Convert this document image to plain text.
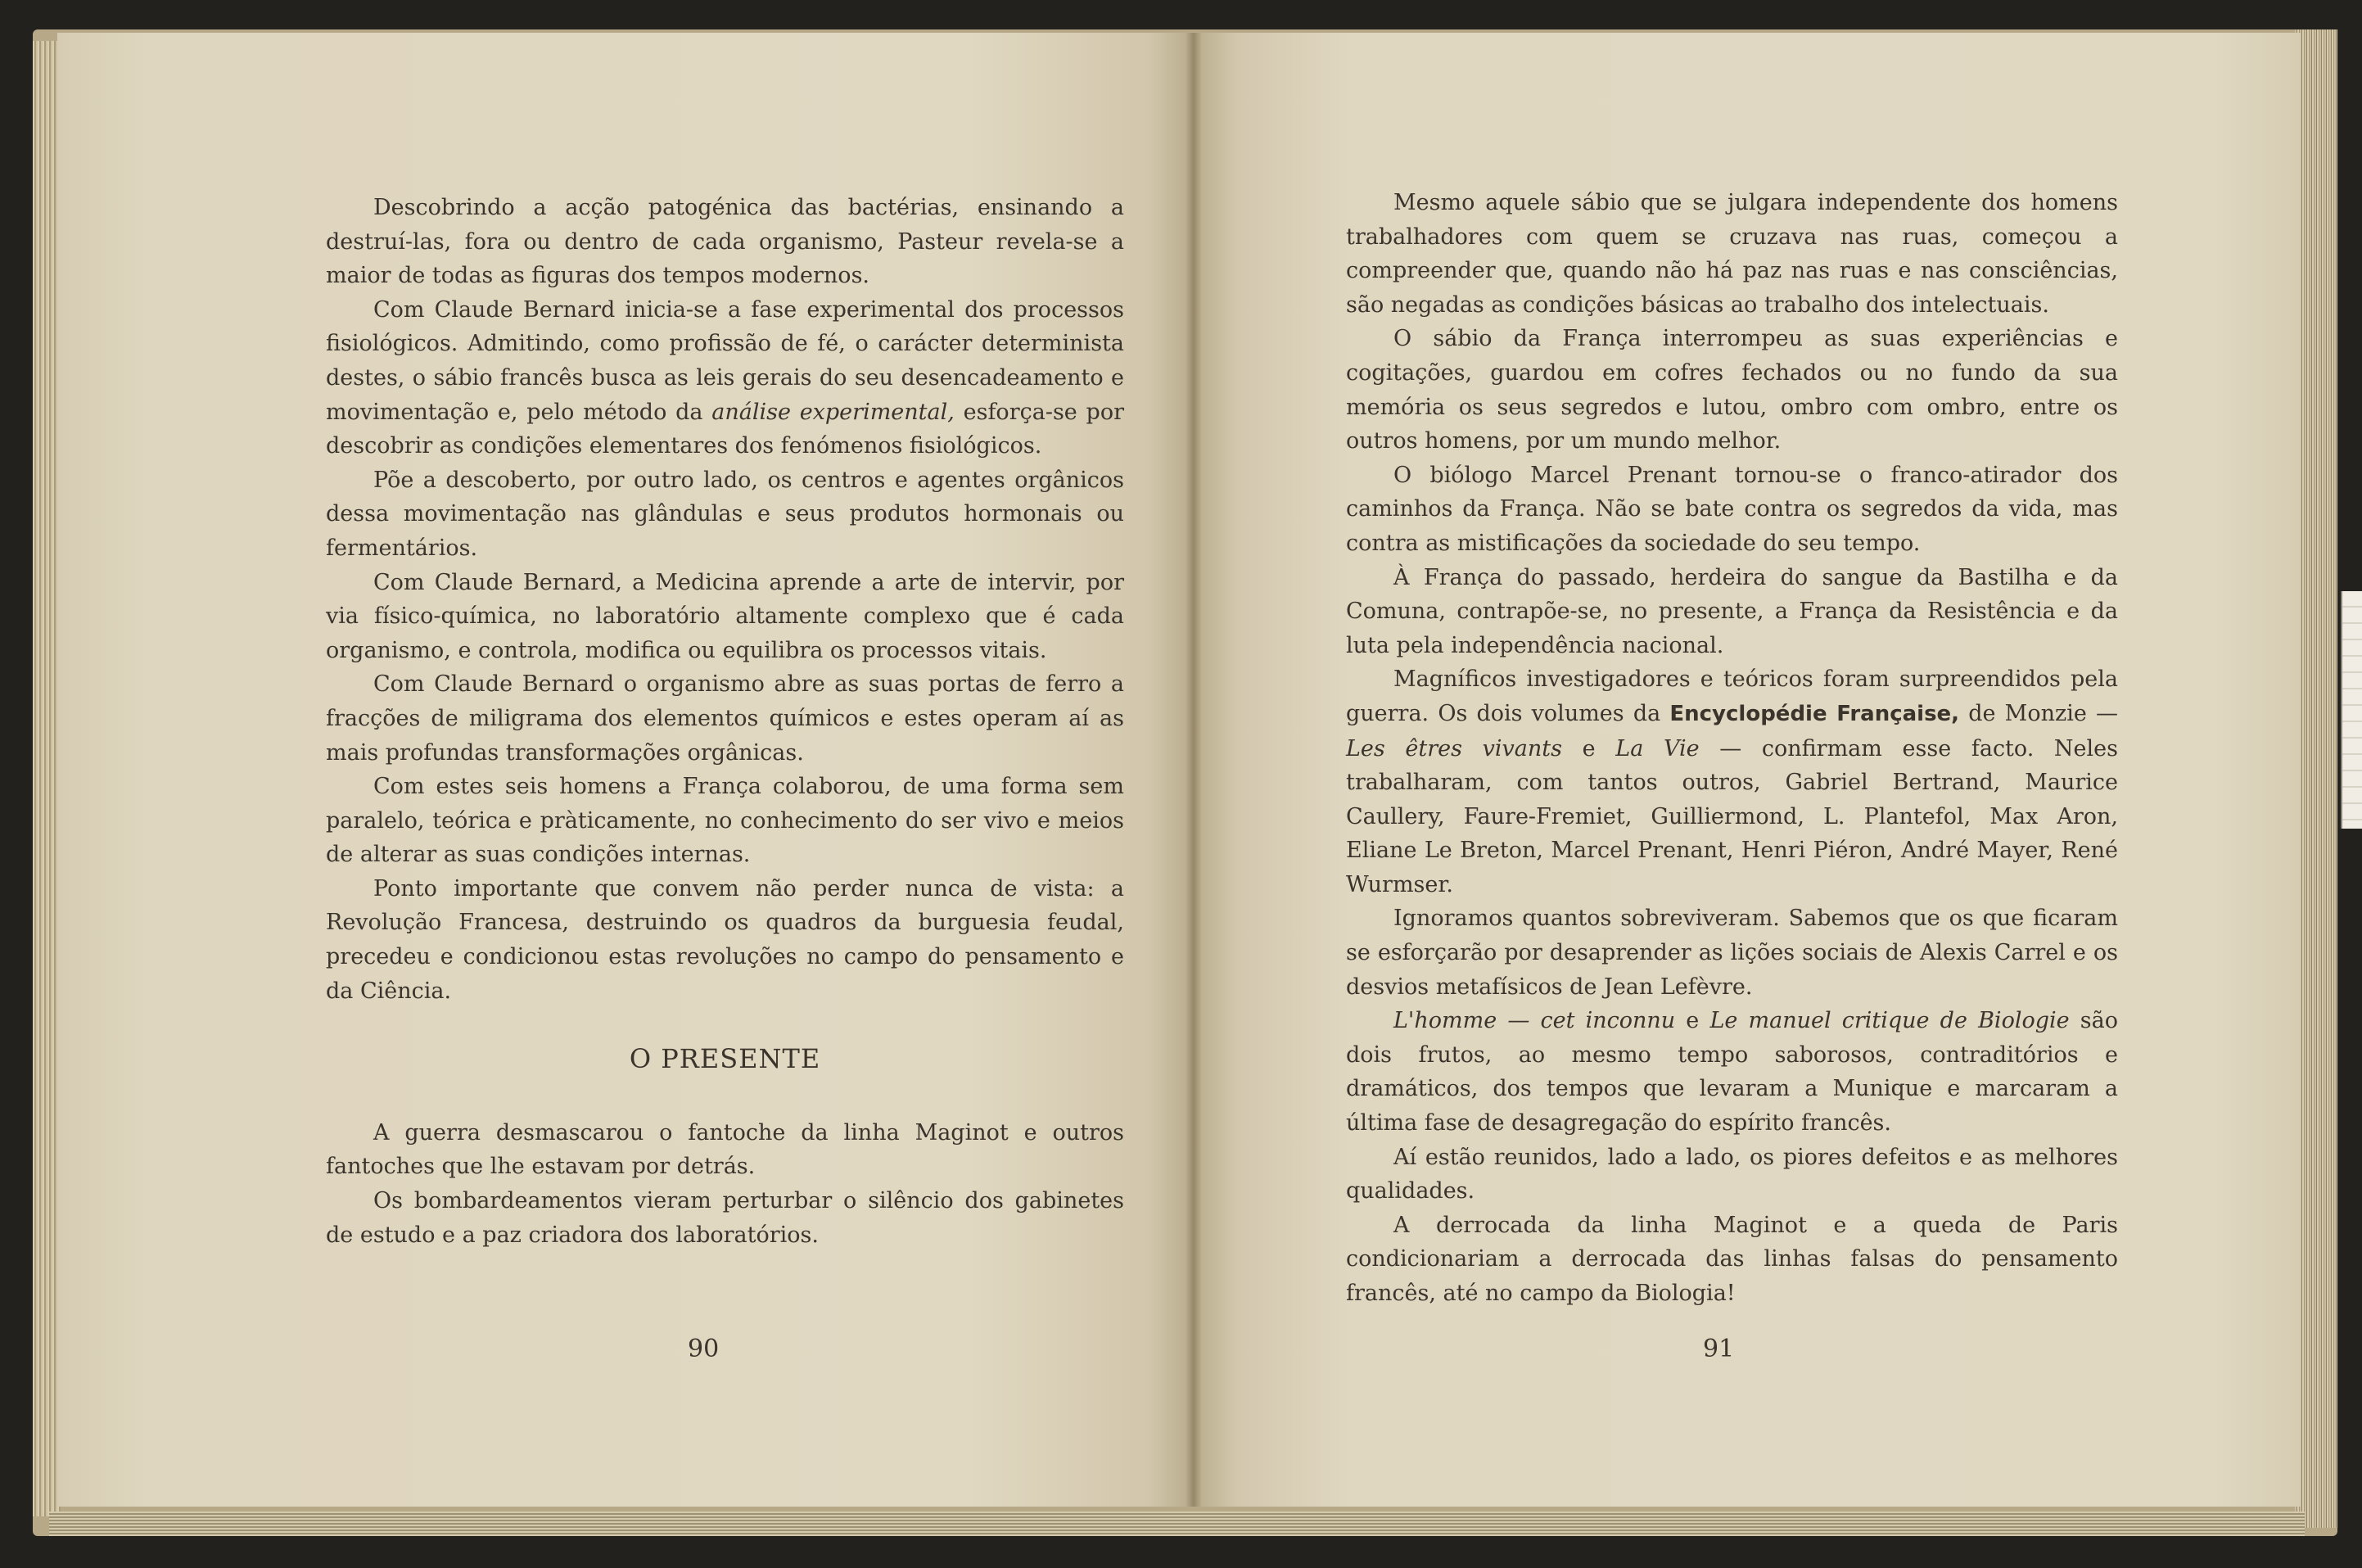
Descobrindo a acção patogénica das bactérias, ensinando a destruí-las, fora ou dentro de cada organismo, Pasteur revela-se a maior de todas as figuras dos tempos modernos.

Com Claude Bernard inicia-se a fase experimental dos processos fisiológicos. Admitindo, como profissão de fé, o carácter determinista destes, o sábio francês busca as leis gerais do seu desencadeamento e movimentação e, pelo método da análise experimental, esforça-se por descobrir as condições elementares dos fenómenos fisiológicos.

Põe a descoberto, por outro lado, os centros e agentes orgânicos dessa movimentação nas glândulas e seus produtos hormonais ou fermentários.

Com Claude Bernard, a Medicina aprende a arte de intervir, por via físico-química, no laboratório altamente complexo que é cada organismo, e controla, modifica ou equilibra os processos vitais.

Com Claude Bernard o organismo abre as suas portas de ferro a fracções de miligrama dos elementos químicos e estes operam aí as mais profundas transformações orgânicas.

Com estes seis homens a França colaborou, de uma forma sem paralelo, teórica e pràticamente, no conhecimento do ser vivo e meios de alterar as suas condições internas.

Ponto importante que convem não perder nunca de vista: a Revolução Francesa, destruindo os quadros da burguesia feudal, precedeu e condicionou estas revoluções no campo do pensamento e da Ciência.

O PRESENTE

A guerra desmascarou o fantoche da linha Maginot e outros fantoches que lhe estavam por detrás.

Os bombardeamentos vieram perturbar o silêncio dos gabinetes de estudo e a paz criadora dos laboratórios.

90

Mesmo aquele sábio que se julgara independente dos homens trabalhadores com quem se cruzava nas ruas, começou a compreender que, quando não há paz nas ruas e nas consciências, são negadas as condições básicas ao trabalho dos intelectuais.

O sábio da França interrompeu as suas experiências e cogitações, guardou em cofres fechados ou no fundo da sua memória os seus segredos e lutou, ombro com ombro, entre os outros homens, por um mundo melhor.

O biólogo Marcel Prenant tornou-se o franco-atirador dos caminhos da França. Não se bate contra os segredos da vida, mas contra as mistificações da sociedade do seu tempo.

À França do passado, herdeira do sangue da Bastilha e da Comuna, contrapõe-se, no presente, a França da Resistência e da luta pela independência nacional.

Magníficos investigadores e teóricos foram surpreendidos pela guerra. Os dois volumes da Encyclopédie Française, de Monzie — Les êtres vivants e La Vie — confirmam esse facto. Neles trabalharam, com tantos outros, Gabriel Bertrand, Maurice Caullery, Faure-Fremiet, Guilliermond, L. Plantefol, Max Aron, Eliane Le Breton, Marcel Prenant, Henri Piéron, André Mayer, René Wurmser.

Ignoramos quantos sobreviveram. Sabemos que os que ficaram se esforçarão por desaprender as lições sociais de Alexis Carrel e os desvios metafísicos de Jean Lefèvre.

L'homme — cet inconnu e Le manuel critique de Biologie são dois frutos, ao mesmo tempo saborosos, contraditórios e dramáticos, dos tempos que levaram a Munique e marcaram a última fase de desagregação do espírito francês.

Aí estão reunidos, lado a lado, os piores defeitos e as melhores qualidades.

A derrocada da linha Maginot e a queda de Paris condicionariam a derrocada das linhas falsas do pensamento francês, até no campo da Biologia!

91
